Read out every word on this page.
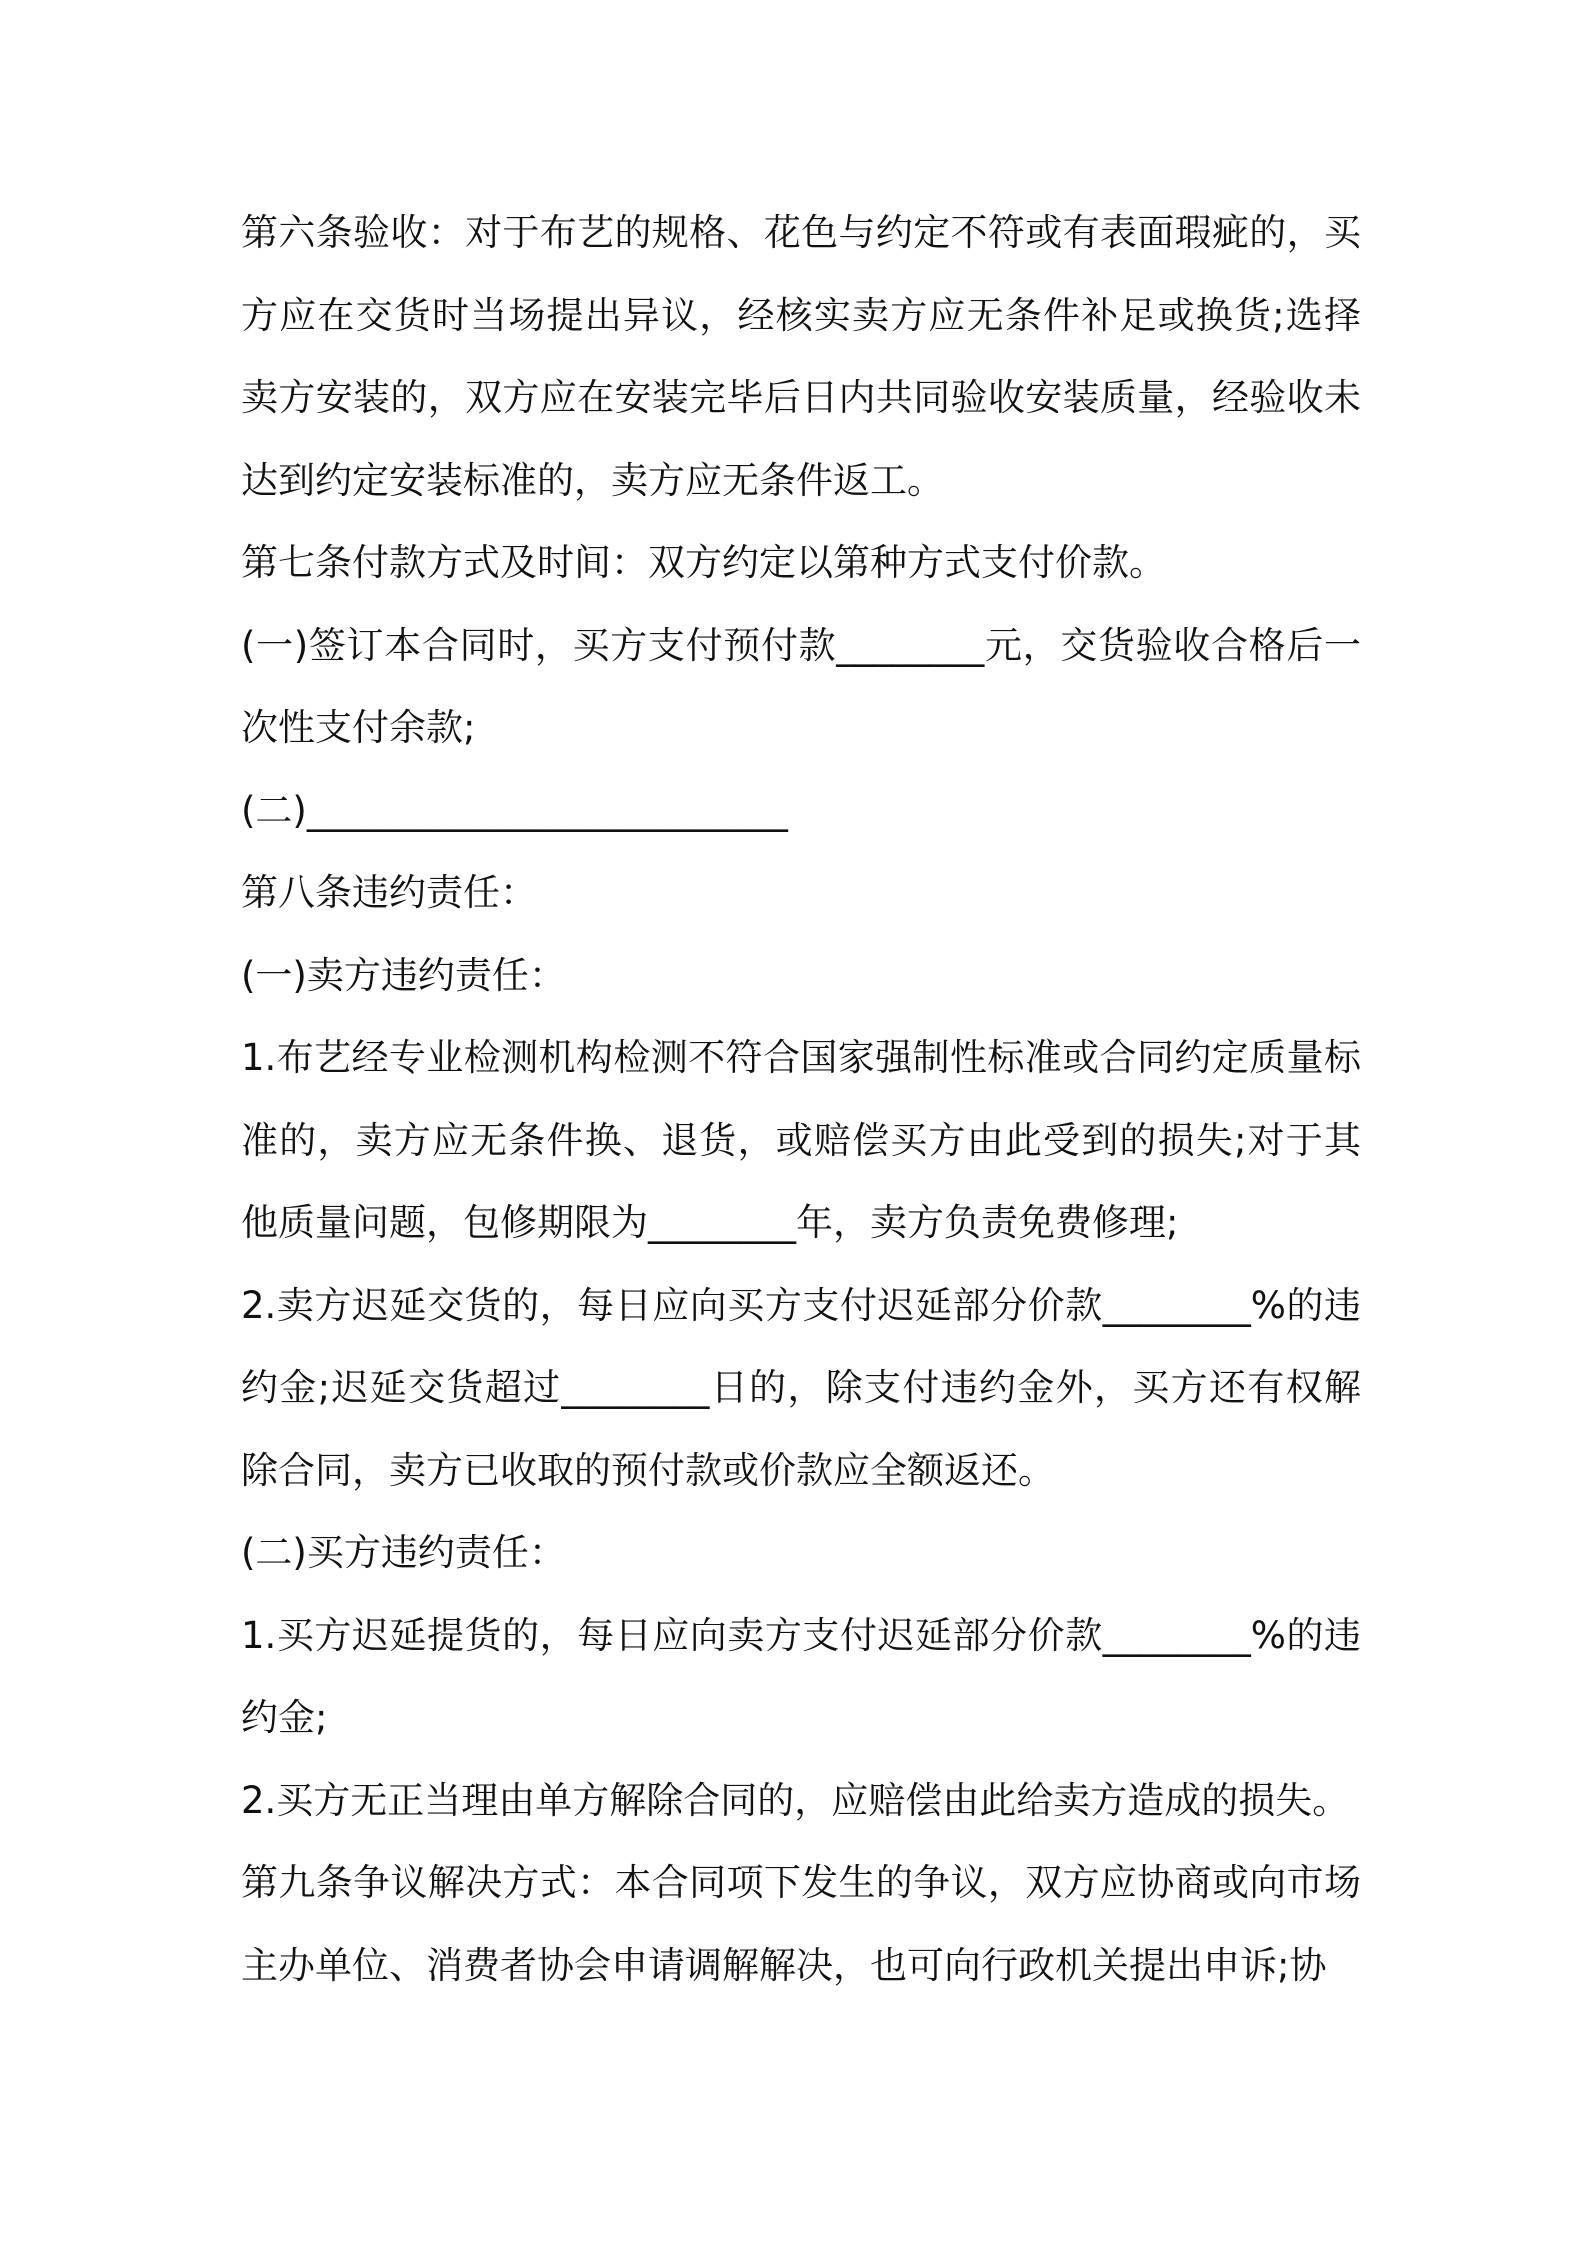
第六条验收：对于布艺的规格、花色与约定不符或有表面瑕疵的，买方应在交货时当场提出异议，经核实卖方应无条件补足或换货;选择卖方安装的，双方应在安装完毕后日内共同验收安装质量，经验收未达到约定安装标准的，卖方应无条件返工。

第七条付款方式及时间：双方约定以第种方式支付价款。

(一)签订本合同时，买方支付预付款________元，交货验收合格后一次性支付余款;

(二)__________________________

第八条违约责任：

(一)卖方违约责任：

1.布艺经专业检测机构检测不符合国家强制性标准或合同约定质量标准的，卖方应无条件换、退货，或赔偿买方由此受到的损失;对于其他质量问题，包修期限为________年，卖方负责免费修理;

2.卖方迟延交货的，每日应向买方支付迟延部分价款________%的违约金;迟延交货超过________日的，除支付违约金外，买方还有权解除合同，卖方已收取的预付款或价款应全额返还。

(二)买方违约责任：

1.买方迟延提货的，每日应向卖方支付迟延部分价款________%的违约金;

2.买方无正当理由单方解除合同的，应赔偿由此给卖方造成的损失。

第九条争议解决方式：本合同项下发生的争议，双方应协商或向市场主办单位、消费者协会申请调解解决，也可向行政机关提出申诉;协
